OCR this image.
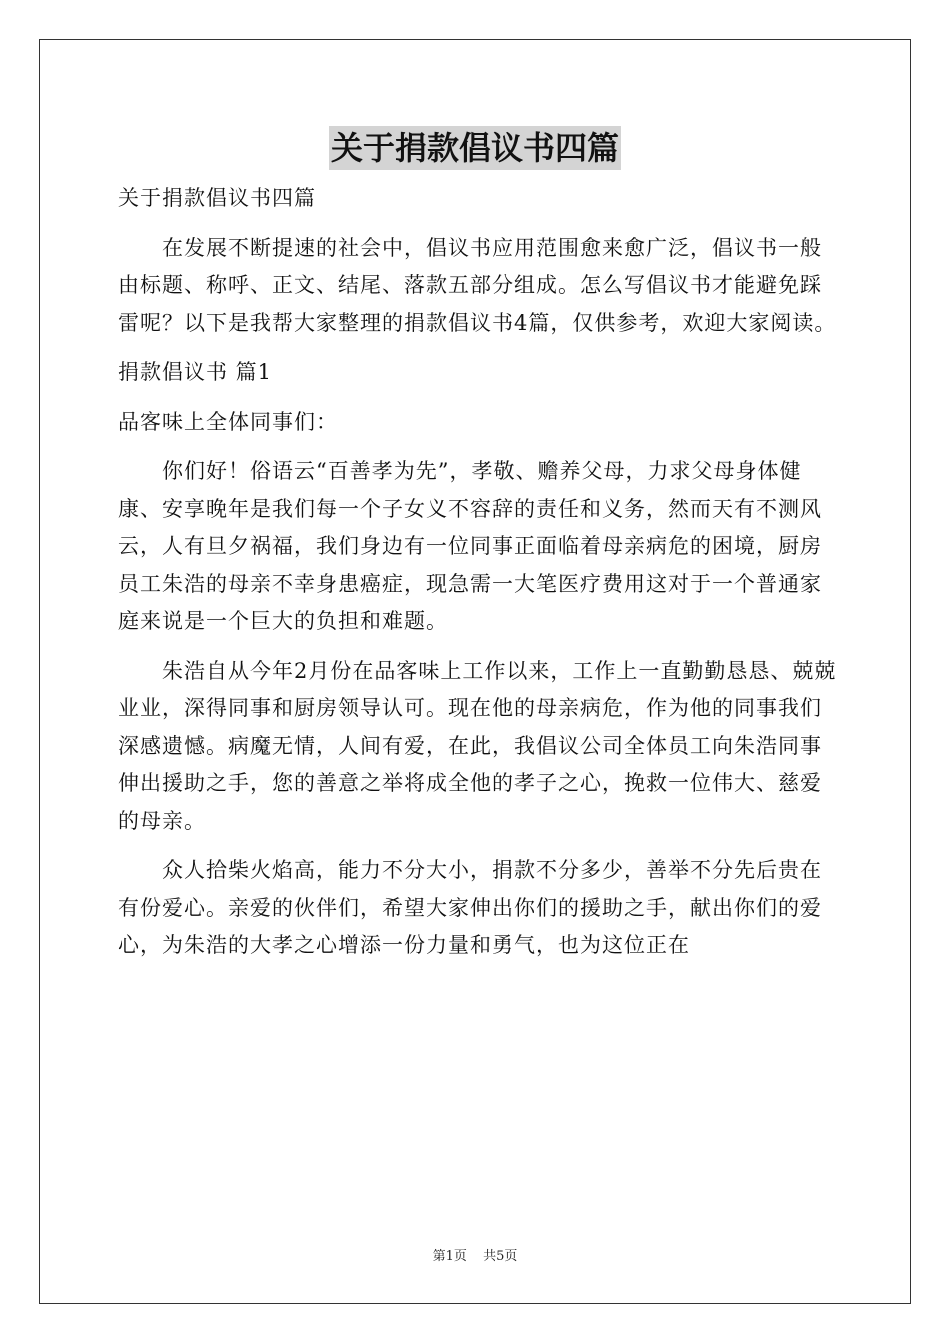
关于捐款倡议书四篇

关于捐款倡议书四篇

在发展不断提速的社会中，倡议书应用范围愈来愈广泛，倡议书一般由标题、称呼、正文、结尾、落款五部分组成。怎么写倡议书才能避免踩雷呢？以下是我帮大家整理的捐款倡议书4篇，仅供参考，欢迎大家阅读。

捐款倡议书 篇1

品客味上全体同事们：

你们好！俗语云“百善孝为先”，孝敬、赡养父母，力求父母身体健康、安享晚年是我们每一个子女义不容辞的责任和义务，然而天有不测风云，人有旦夕祸福，我们身边有一位同事正面临着母亲病危的困境，厨房员工朱浩的母亲不幸身患癌症，现急需一大笔医疗费用这对于一个普通家庭来说是一个巨大的负担和难题。

朱浩自从今年2月份在品客味上工作以来，工作上一直勤勤恳恳、兢兢业业，深得同事和厨房领导认可。现在他的母亲病危，作为他的同事我们深感遗憾。病魔无情，人间有爱，在此，我倡议公司全体员工向朱浩同事伸出援助之手，您的善意之举将成全他的孝子之心，挽救一位伟大、慈爱的母亲。

众人拾柴火焰高，能力不分大小，捐款不分多少，善举不分先后贵在有份爱心。亲爱的伙伴们，希望大家伸出你们的援助之手，献出你们的爱心，为朱浩的大孝之心增添一份力量和勇气，也为这位正在

第1页 共5页
